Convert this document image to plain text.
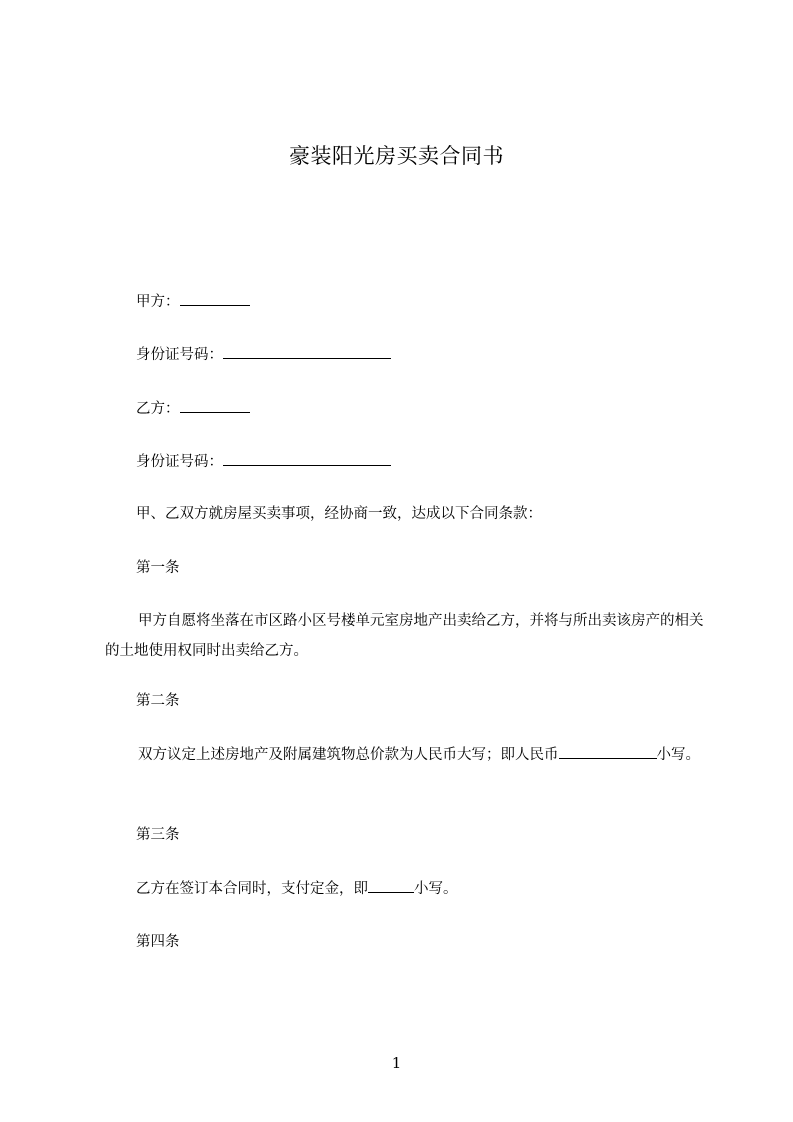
豪装阳光房买卖合同书
甲方：
身份证号码：
乙方：
身份证号码：
甲、乙双方就房屋买卖事项，经协商一致，达成以下合同条款：
第一条
甲方自愿将坐落在市区路小区号楼单元室房地产出卖给乙方，并将与所出卖该房产的相关的土地使用权同时出卖给乙方。
第二条
双方议定上述房地产及附属建筑物总价款为人民币大写；即人民币	小写。
第三条
乙方在签订本合同时，支付定金，即	小写。
第四条
1
